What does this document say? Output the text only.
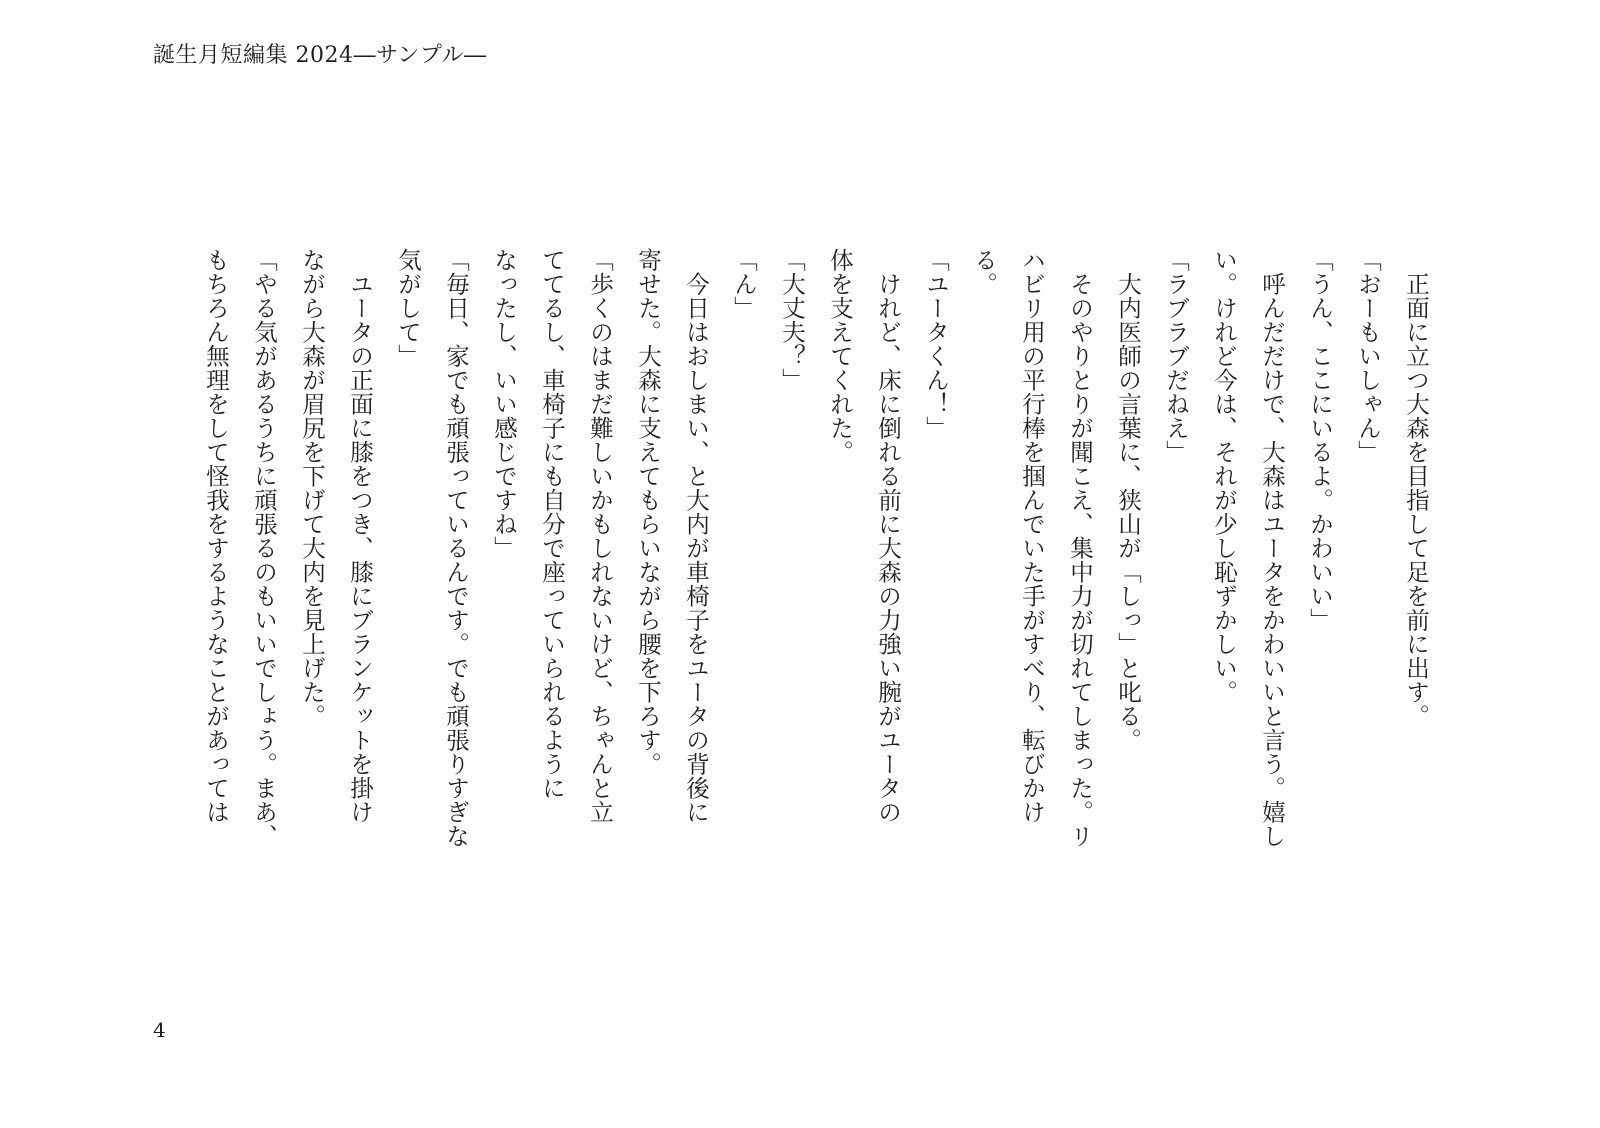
誕生月短編集 2024―サンプル―
　正面に立つ大森を目指して足を前に出す。
「おーもいしゃん」
「うん、ここにいるよ。かわいい」
　呼んだだけで、大森はユータをかわいいと言う。嬉し
い。けれど今は、それが少し恥ずかしい。
「ラブラブだねえ」
　大内医師の言葉に、狭山が「しっ」と叱る。
　そのやりとりが聞こえ、集中力が切れてしまった。リ
ハビリ用の平行棒を掴んでいた手がすべり、転びかけ
る。
「ユータくん！」
　けれど、床に倒れる前に大森の力強い腕がユータの
体を支えてくれた。
「大丈夫？」
「ん」
　今日はおしまい、と大内が車椅子をユータの背後に
寄せた。大森に支えてもらいながら腰を下ろす。
「歩くのはまだ難しいかもしれないけど、ちゃんと立
ててるし、車椅子にも自分で座っていられるように
なったし、いい感じですね」
「毎日、家でも頑張っているんです。でも頑張りすぎな
気がして」
　ユータの正面に膝をつき、膝にブランケットを掛け
ながら大森が眉尻を下げて大内を見上げた。
「やる気があるうちに頑張るのもいいでしょう。まあ、
もちろん無理をして怪我をするようなことがあっては
4
